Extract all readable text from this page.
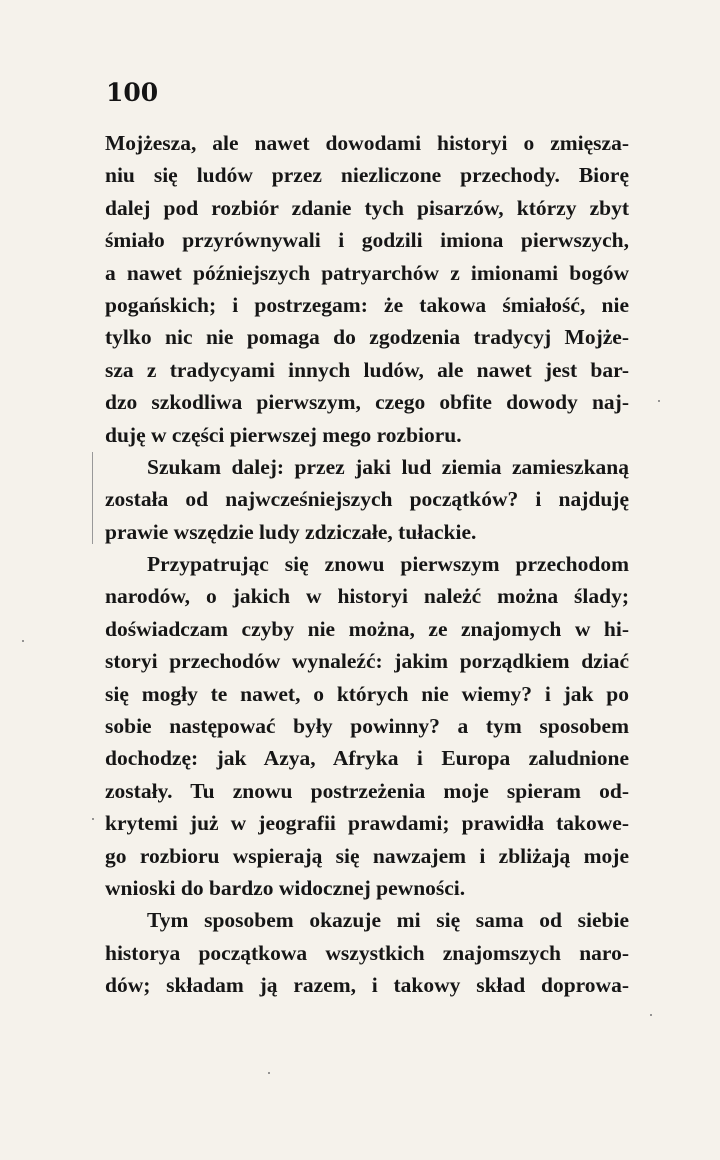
100
Mojżesza, ale nawet dowodami historyi o zmięsza-
niu się ludów przez niezliczone przechody. Biorę
dalej pod rozbiór zdanie tych pisarzów, którzy zbyt
śmiało przyrównywali i godzili imiona pierwszych,
a nawet późniejszych patryarchów z imionami bogów
pogańskich; i postrzegam: że takowa śmiałość, nie
tylko nic nie pomaga do zgodzenia tradycyj Mojże-
sza z tradycyami innych ludów, ale nawet jest bar-
dzo szkodliwa pierwszym, czego obfite dowody naj-
duję w części pierwszej mego rozbioru.
Szukam dalej: przez jaki lud ziemia zamieszkaną
została od najwcześniejszych początków? i najduję
prawie wszędzie ludy zdziczałe, tułackie.
Przypatrując się znowu pierwszym przechodom
narodów, o jakich w historyi należć można ślady;
doświadczam czyby nie można, ze znajomych w hi-
storyi przechodów wynaleźć: jakim porządkiem dziać
się mogły te nawet, o których nie wiemy? i jak po
sobie następować były powinny? a tym sposobem
dochodzę: jak Azya, Afryka i Europa zaludnione
zostały. Tu znowu postrzeżenia moje spieram od-
krytemi już w jeografii prawdami; prawidła takowe-
go rozbioru wspierają się nawzajem i zbliżają moje
wnioski do bardzo widocznej pewności.
Tym sposobem okazuje mi się sama od siebie
historya początkowa wszystkich znajomszych naro-
dów; składam ją razem, i takowy skład doprowa-
